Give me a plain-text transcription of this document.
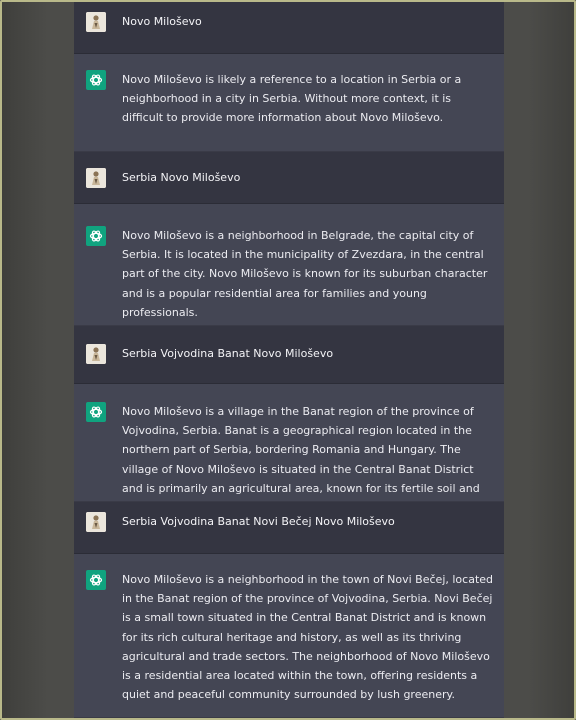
Novo Miloševo
Novo Miloševo is likely a reference to a location in Serbia or a neighborhood in a city in Serbia. Without more context, it is difficult to provide more information about Novo Miloševo.
Serbia Novo Miloševo
Novo Miloševo is a neighborhood in Belgrade, the capital city of Serbia. It is located in the municipality of Zvezdara, in the central part of the city. Novo Miloševo is known for its suburban character and is a popular residential area for families and young professionals.
Serbia Vojvodina Banat Novo Miloševo
Novo Miloševo is a village in the Banat region of the province of Vojvodina, Serbia. Banat is a geographical region located in the northern part of Serbia, bordering Romania and Hungary. The village of Novo Miloševo is situated in the Central Banat District and is primarily an agricultural area, known for its fertile soil and
Serbia Vojvodina Banat Novi Bečej Novo Miloševo
Novo Miloševo is a neighborhood in the town of Novi Bečej, located in the Banat region of the province of Vojvodina, Serbia. Novi Bečej is a small town situated in the Central Banat District and is known for its rich cultural heritage and history, as well as its thriving agricultural and trade sectors. The neighborhood of Novo Miloševo is a residential area located within the town, offering residents a quiet and peaceful community surrounded by lush greenery.
